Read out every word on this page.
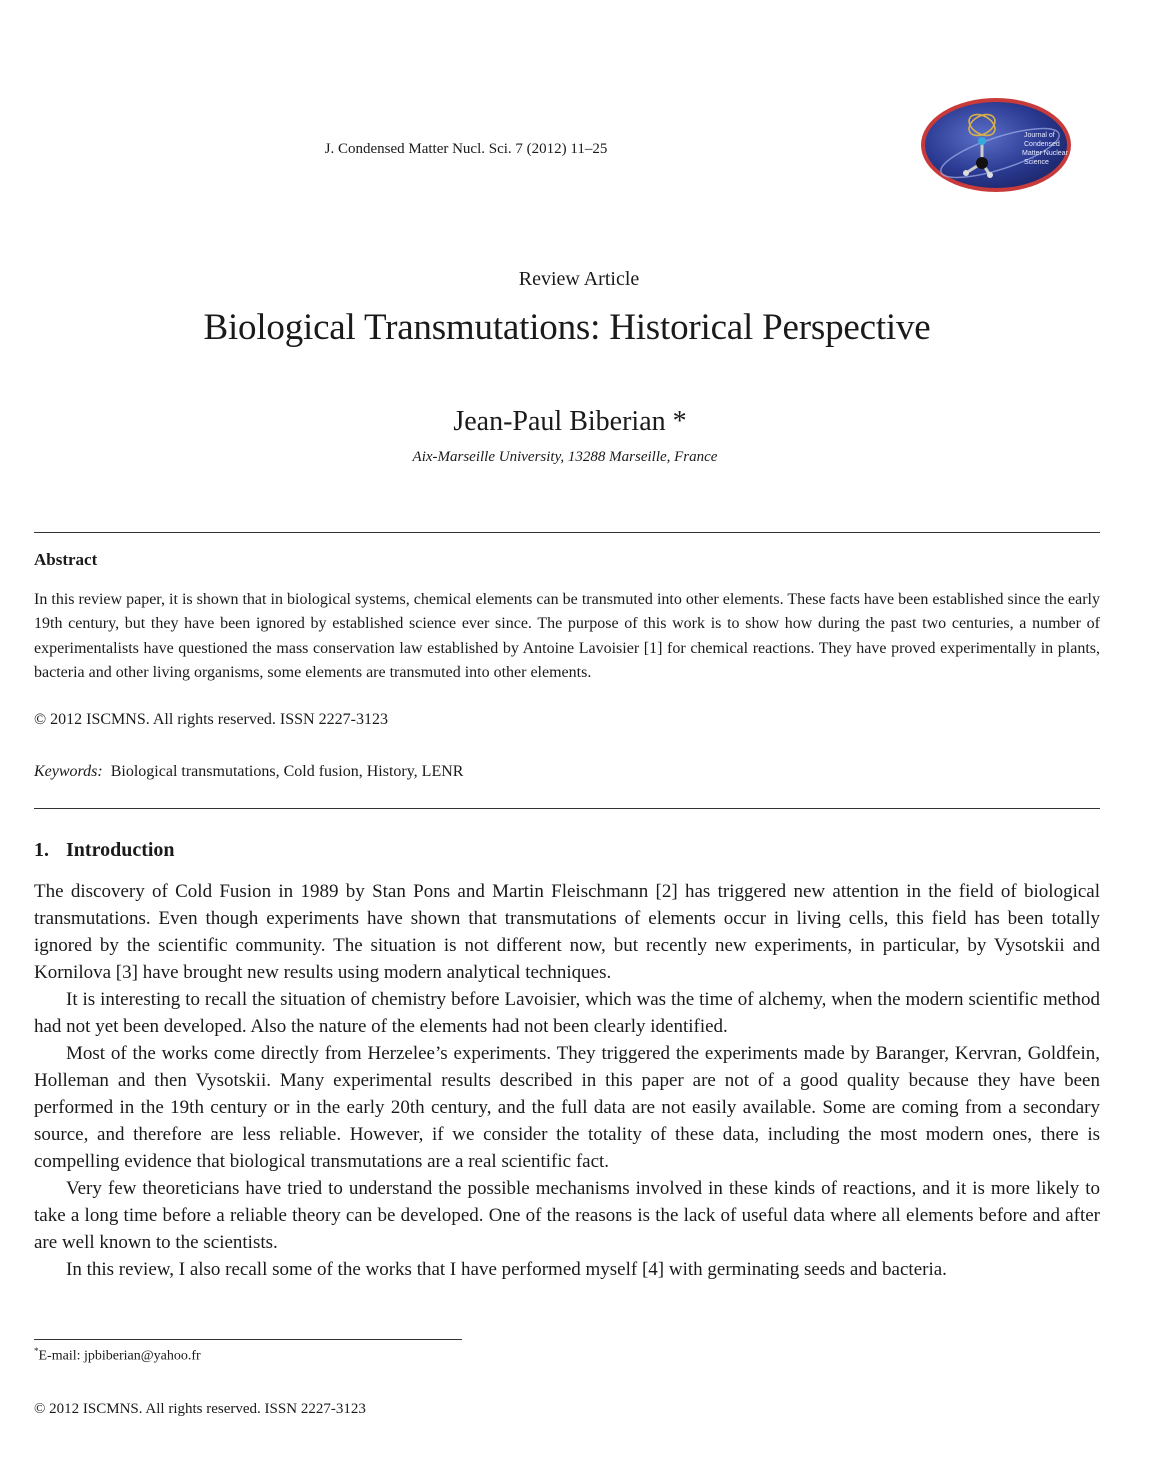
J. Condensed Matter Nucl. Sci. 7 (2012) 11–25
Journal of
Condensed
Matter Nuclear
Science
Review Article
Biological Transmutations: Historical Perspective
Jean-Paul Biberian *
Aix-Marseille University, 13288 Marseille, France
Abstract

In this review paper, it is shown that in biological systems, chemical elements can be transmuted into other elements. These facts have been established since the early 19th century, but they have been ignored by established science ever since. The purpose of this work is to show how during the past two centuries, a number of experimentalists have questioned the mass conservation law established by Antoine Lavoisier [1] for chemical reactions. They have proved experimentally in plants, bacteria and other living organisms, some elements are transmuted into other elements.

© 2012 ISCMNS. All rights reserved. ISSN 2227-3123
Keywords: Biological transmutations, Cold fusion, History, LENR
1. Introduction

The discovery of Cold Fusion in 1989 by Stan Pons and Martin Fleischmann [2] has triggered new attention in the field of biological transmutations. Even though experiments have shown that transmutations of elements occur in living cells, this field has been totally ignored by the scientific community. The situation is not different now, but recently new experiments, in particular, by Vysotskii and Kornilova [3] have brought new results using modern analytical techniques.

It is interesting to recall the situation of chemistry before Lavoisier, which was the time of alchemy, when the modern scientific method had not yet been developed. Also the nature of the elements had not been clearly identified.

Most of the works come directly from Herzelee’s experiments. They triggered the experiments made by Baranger, Kervran, Goldfein, Holleman and then Vysotskii. Many experimental results described in this paper are not of a good quality because they have been performed in the 19th century or in the early 20th century, and the full data are not easily available. Some are coming from a secondary source, and therefore are less reliable. However, if we consider the totality of these data, including the most modern ones, there is compelling evidence that biological transmutations are a real scientific fact.

Very few theoreticians have tried to understand the possible mechanisms involved in these kinds of reactions, and it is more likely to take a long time before a reliable theory can be developed. One of the reasons is the lack of useful data where all elements before and after are well known to the scientists.

In this review, I also recall some of the works that I have performed myself [4] with germinating seeds and bacteria.

*E-mail: jpbiberian@yahoo.fr
© 2012 ISCMNS. All rights reserved. ISSN 2227-3123
